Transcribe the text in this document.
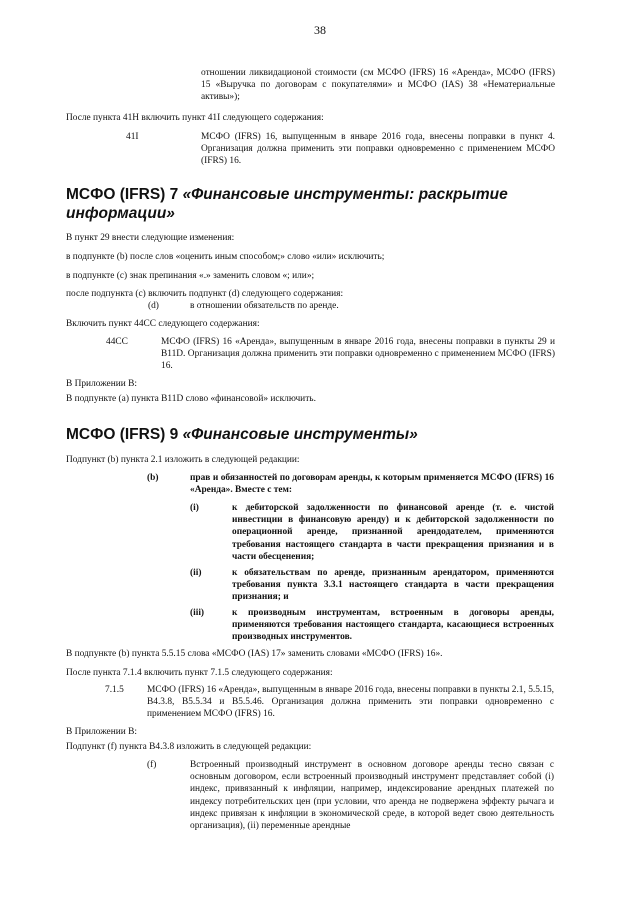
38
отношении ликвидационой стоимости (см МСФО (IFRS) 16 «Аренда», МСФО (IFRS) 15 «Выручка по договорам с покупателями» и МСФО (IAS) 38 «Нематериальные активы»);
После пункта 41Н включить пункт 41I следующего содержания:
41I	МСФО (IFRS) 16, выпущенным в январе 2016 года, внесены поправки в пункт 4. Организация должна применить эти поправки одновременно с применением МСФО (IFRS) 16.
МСФО (IFRS) 7 «Финансовые инструменты: раскрытие информации»
В пункт 29 внести следующие изменения:
в подпункте (b) после слов «оценить иным способом;» слово «или» исключить;
в подпункте (с) знак препинания «.» заменить словом «; или»;
после подпункта (с) включить подпункт (d) следующего содержания:
(d)	в отношении обязательств по аренде.
Включить пункт 44СС следующего содержания:
44СС	МСФО (IFRS) 16 «Аренда», выпущенным в январе 2016 года, внесены поправки в пункты 29 и B11D. Организация должна применить эти поправки одновременно с применением МСФО (IFRS) 16.
В Приложении В:
В подпункте (а) пункта B11D слово «финансовой» исключить.
МСФО (IFRS) 9 «Финансовые инструменты»
Подпункт (b) пункта 2.1 изложить в следующей редакции:
(b)	прав и обязанностей по договорам аренды, к которым применяется МСФО (IFRS) 16 «Аренда». Вместе с тем:
(i)	к дебиторской задолженности по финансовой аренде (т. е. чистой инвестиции в финансовую аренду) и к дебиторской задолженности по операционной аренде, признанной арендодателем, применяются требования настоящего стандарта в части прекращения признания и в части обесценения;
(ii)	к обязательствам по аренде, признанным арендатором, применяются требования пункта 3.3.1 настоящего стандарта в части прекращения признания; и
(iii)	к производным инструментам, встроенным в договоры аренды, применяются требования настоящего стандарта, касающиеся встроенных производных инструментов.
В подпункте (b) пункта 5.5.15 слова «МСФО (IAS) 17» заменить словами «МСФО (IFRS) 16».
После пункта 7.1.4 включить пункт 7.1.5 следующего содержания:
7.1.5 МСФО (IFRS) 16 «Аренда», выпущенным в январе 2016 года, внесены поправки в пункты 2.1, 5.5.15, B4.3.8, B5.5.34 и B5.5.46. Организация должна применить эти поправки одновременно с применением МСФО (IFRS) 16.
В Приложении В:
Подпункт (f) пункта B4.3.8 изложить в следующей редакции:
(f)	Встроенный производный инструмент в основном договоре аренды тесно связан с основным договором, если встроенный производный инструмент представляет собой (i) индекс, привязанный к инфляции, например, индексирование арендных платежей по индексу потребительских цен (при условии, что аренда не подвержена эффекту рычага и индекс привязан к инфляции в экономической среде, в которой ведет свою деятельность организация), (ii) переменные арендные
